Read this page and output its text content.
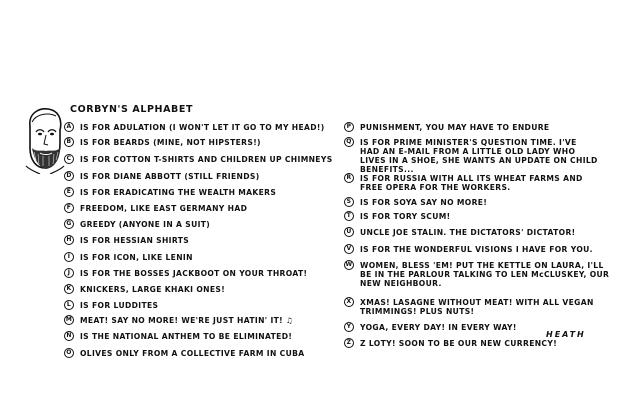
CORBYN'S ALPHABET
A	IS FOR ADULATION (I WON'T LET IT GO TO MY HEAD!)
B	IS FOR BEARDS (MINE, NOT HIPSTERS!)
C	IS FOR COTTON T-SHIRTS AND CHILDREN UP CHIMNEYS
D	IS FOR DIANE ABBOTT (STILL FRIENDS)
E	IS FOR ERADICATING THE WEALTH MAKERS
F	FREEDOM, LIKE EAST GERMANY HAD
G	GREEDY (ANYONE IN A SUIT)
H	IS FOR HESSIAN SHIRTS
I	IS FOR ICON, LIKE LENIN
J	IS FOR THE BOSSES JACKBOOT ON YOUR THROAT!
K	KNICKERS, LARGE KHAKI ONES!
L	IS FOR LUDDITES
M MEAT! SAY NO MORE! WE'RE JUST HATIN' IT! ♫
N	IS THE NATIONAL ANTHEM TO BE ELIMINATED!
O	OLIVES ONLY FROM A COLLECTIVE FARM IN CUBA
P	PUNISHMENT, YOU MAY HAVE TO ENDURE
Q	IS FOR PRIME MINISTER'S QUESTION TIME. I'VE
HAD AN E-MAIL FROM A LITTLE OLD LADY WHO
LIVES IN A SHOE, SHE WANTS AN UPDATE ON CHILD
BENEFITS...
R	IS FOR RUSSIA WITH ALL ITS WHEAT FARMS AND
FREE OPERA FOR THE WORKERS.
S	IS FOR SOYA SAY NO MORE!
T	IS FOR TORY SCUM!
U	UNCLE JOE STALIN. THE DICTATORS' DICTATOR!
V	IS FOR THE WONDERFUL VISIONS I HAVE FOR YOU.
W WOMEN, BLESS 'EM! PUT THE KETTLE ON LAURA, I'LL
BE IN THE PARLOUR TALKING TO LEN McCLUSKEY, OUR
NEW NEIGHBOUR.
X	XMAS! LASAGNE WITHOUT MEAT! WITH ALL VEGAN
TRIMMINGS! PLUS NUTS!
Y	YOGA, EVERY DAY! IN EVERY WAY!
Z	Z LOTY! SOON TO BE OUR NEW CURRENCY!
HEATH
